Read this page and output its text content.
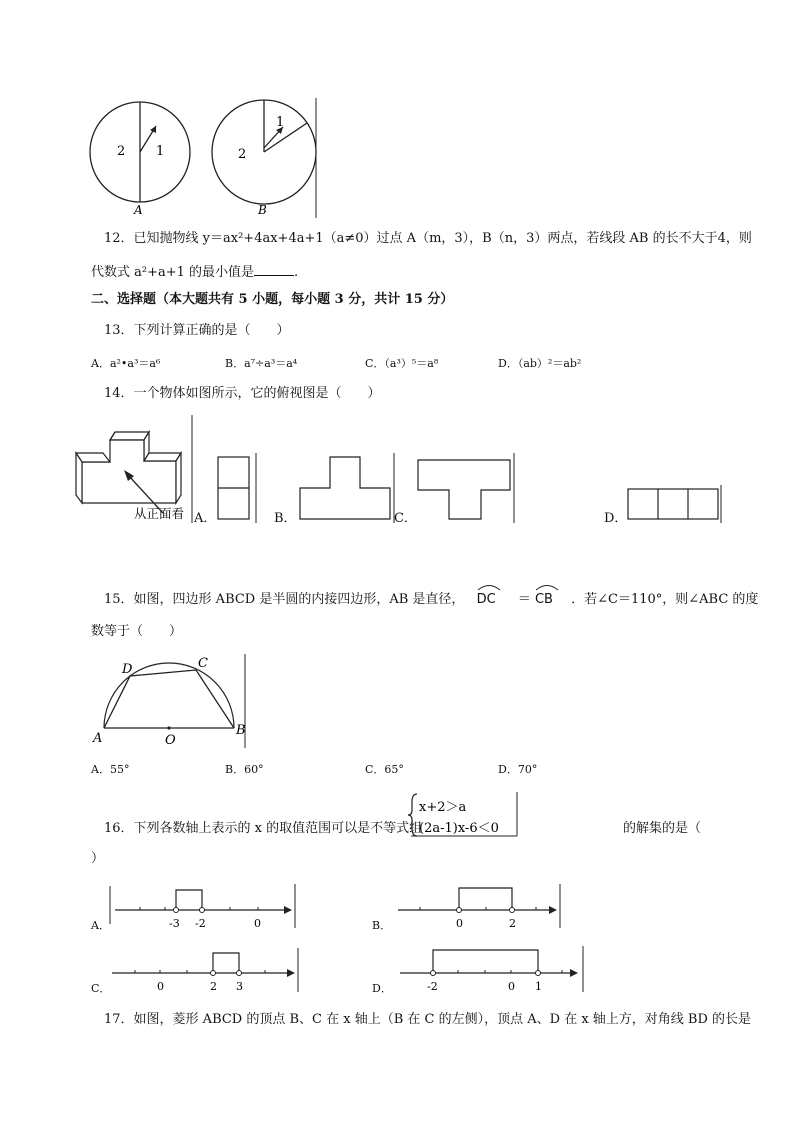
2 1
A
1
2
B
12．已知抛物线 y＝ax²+4ax+4a+1（a≠0）过点 A（m，3），B（n，3）两点，若线段 AB 的长不大于4，则
代数式 a²+a+1 的最小值是	.
二、选择题（本大题共有 5 小题，每小题 3 分，共计 15 分）
13．下列计算正确的是（　　）
A．a²•a³＝a⁶	B．a⁷÷a³＝a⁴	C．（a³）⁵＝a⁸	D．（ab）²＝ab²
14．一个物体如图所示，它的俯视图是（　　）
从正面看 A．	B．	C．	D．
15．如图，四边形 ABCD 是半圆的内接四边形，AB 是直径， DC ＝ CB ．若∠C＝110°，则∠ABC 的度
数等于（　　）
A
B
C
D
O
A．55°	B．60°	C．65°	D．70°
16．下列各数轴上表示的 x 的取值范围可以是不等式组
x+2＞a
(2a-1)x-6＜0	的解集的是（
）
-3 -2	0	0	2
0	2 3	-2	0 1
A．	B．
C．	D．
17．如图，菱形 ABCD 的顶点 B、C 在 x 轴上（B 在 C 的左侧），顶点 A、D 在 x 轴上方，对角线 BD 的长是
